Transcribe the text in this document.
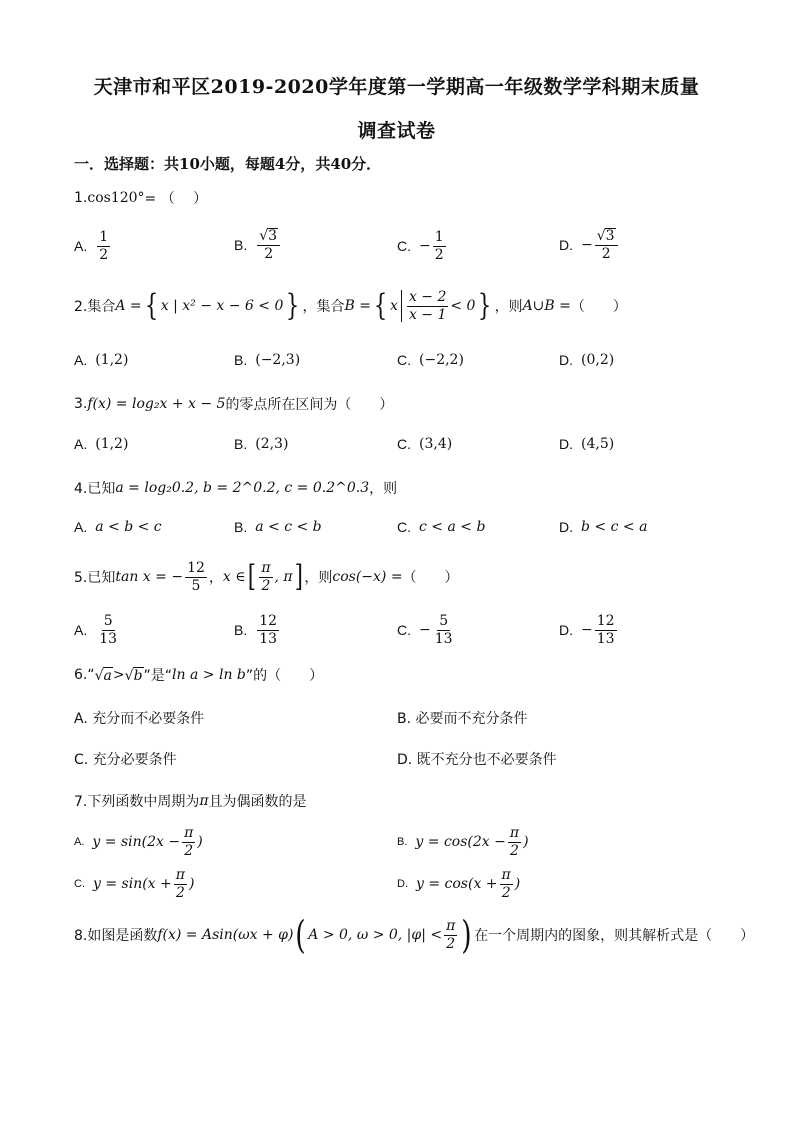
天津市和平区2019-2020学年度第一学期高一年级数学学科期末质量
调查试卷
一．选择题：共10小题，每题4分，共40分．
1. cos120° = （　 ）
A. $\frac{1}{2}$	B. $\frac{√ 3}{2}$	C. − $\frac{1}{2}$	D. − $\frac{√ 3}{2}$
2.集合 A = { x | x² − x − 6 < 0 } ，集合 B = { x $\frac{x - 2}{x - 1} < 0$ } ，则 A∪B = （　　）
A. (1,2)	B. (−2,3)	C. (−2,2)	D. (0,2)
3. f(x) = log₂x + x − 5 的零点所在区间为（　　）
A. (1,2)	B. (2,3)	C. (3,4)	D. (4,5)
4.已知 a = log₂0.2, b = 2^0.2, c = 0.2^0.3 ，则
A. a < b < c	B. a < c < b	C. c < a < b	D. b < c < a
5.已知 tan x = − $\frac{12}{5}$ ， x ∈ [ $\frac{\pi}{2}$ , π ] ，则 cos(−x) = （　　）
A. $\frac{5}{13}$	B. $\frac{12}{13}$	C. − $\frac{5}{13}$	D. − $\frac{12}{13}$
6.“ √ a > √ b ”是“ ln a > ln b ”的（　　）
A. 充分而不必要条件	B. 必要而不充分条件
C. 充分必要条件	D. 既不充分也不必要条件
7.下列函数中周期为 π 且为偶函数的是
A. $y = \sin(2x - \frac{\pi}{2}$ )	B. $y = \cos(2x - \frac{\pi}{2}$ )
C. $y = \sin(x + \frac{\pi}{2}$ )	D. $y = \cos(x + \frac{\pi}{2}$ )
8.如图是函数 f(x) = Asin(ωx + φ) ( A > 0, ω > 0, $|\varphi| < \frac{\pi}{2}$ ) 在一个周期内的图象，则其解析式是（　　）
